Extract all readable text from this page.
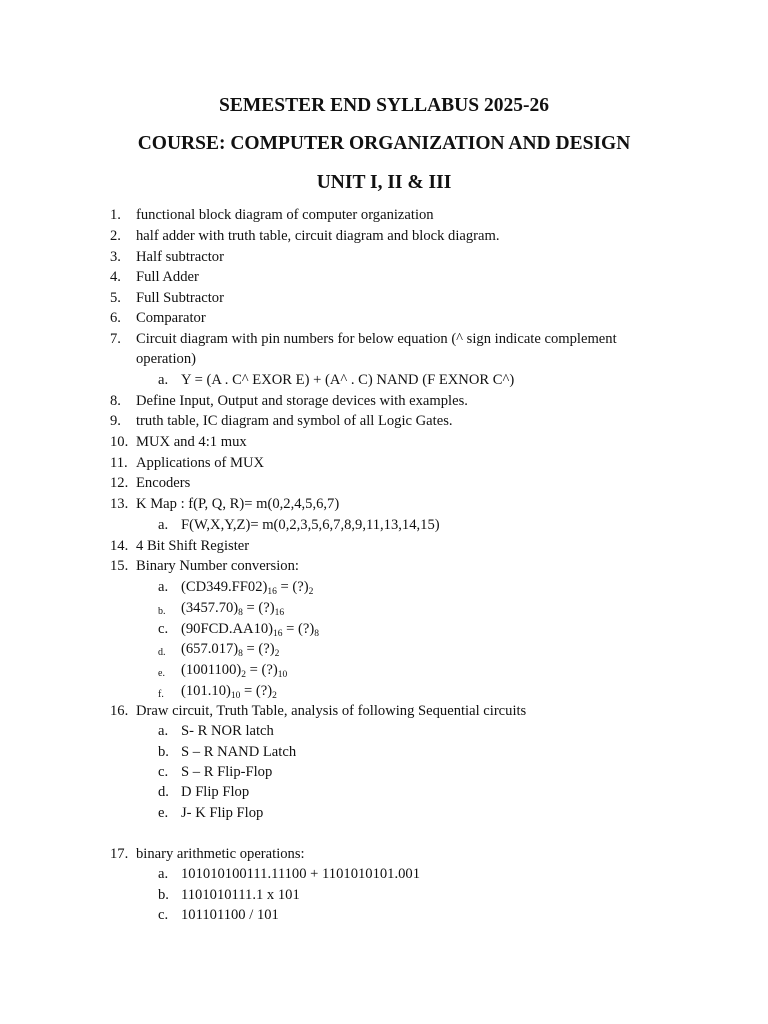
SEMESTER END SYLLABUS 2025-26
COURSE: COMPUTER ORGANIZATION AND DESIGN
UNIT I, II & III
1. functional block diagram of computer organization
2. half adder with truth table, circuit diagram and block diagram.
3. Half subtractor
4. Full Adder
5. Full Subtractor
6. Comparator
7. Circuit diagram with pin numbers for below equation (^ sign indicate complement
operation)
a. Y = (A . C^ EXOR E) + (A^ . C) NAND (F EXNOR C^)
8. Define Input, Output and storage devices with examples.
9. truth table, IC diagram and symbol of all Logic Gates.
10. MUX and 4:1 mux
11. Applications of MUX
12. Encoders
13. K Map : f(P, Q, R)= m(0,2,4,5,6,7)
a. F(W,X,Y,Z)= m(0,2,3,5,6,7,8,9,11,13,14,15)
14. 4 Bit Shift Register
15. Binary Number conversion:
a. $(CD349.FF02)_{16}$ = $(?)_2$
b. $(3457.70)_8$ = $(?)_{16}$
c. $(90FCD.AA10)_{16}$ = $(?)_8$
d. $(657.017)_8$ = $(?)_2$
e. $(1001100)_2$ = $(?)_{10}$
f. $(101.10)_{10}$ = $(?)_2$
16. Draw circuit, Truth Table, analysis of following Sequential circuits
a. S- R NOR latch
b. S – R NAND Latch
c. S – R Flip-Flop
d. D Flip Flop
e. J- K Flip Flop
17. binary arithmetic operations:
a. 101010100111.11100 + 1101010101.001
b. 1101010111.1 x 101
c. 101101100 / 101
